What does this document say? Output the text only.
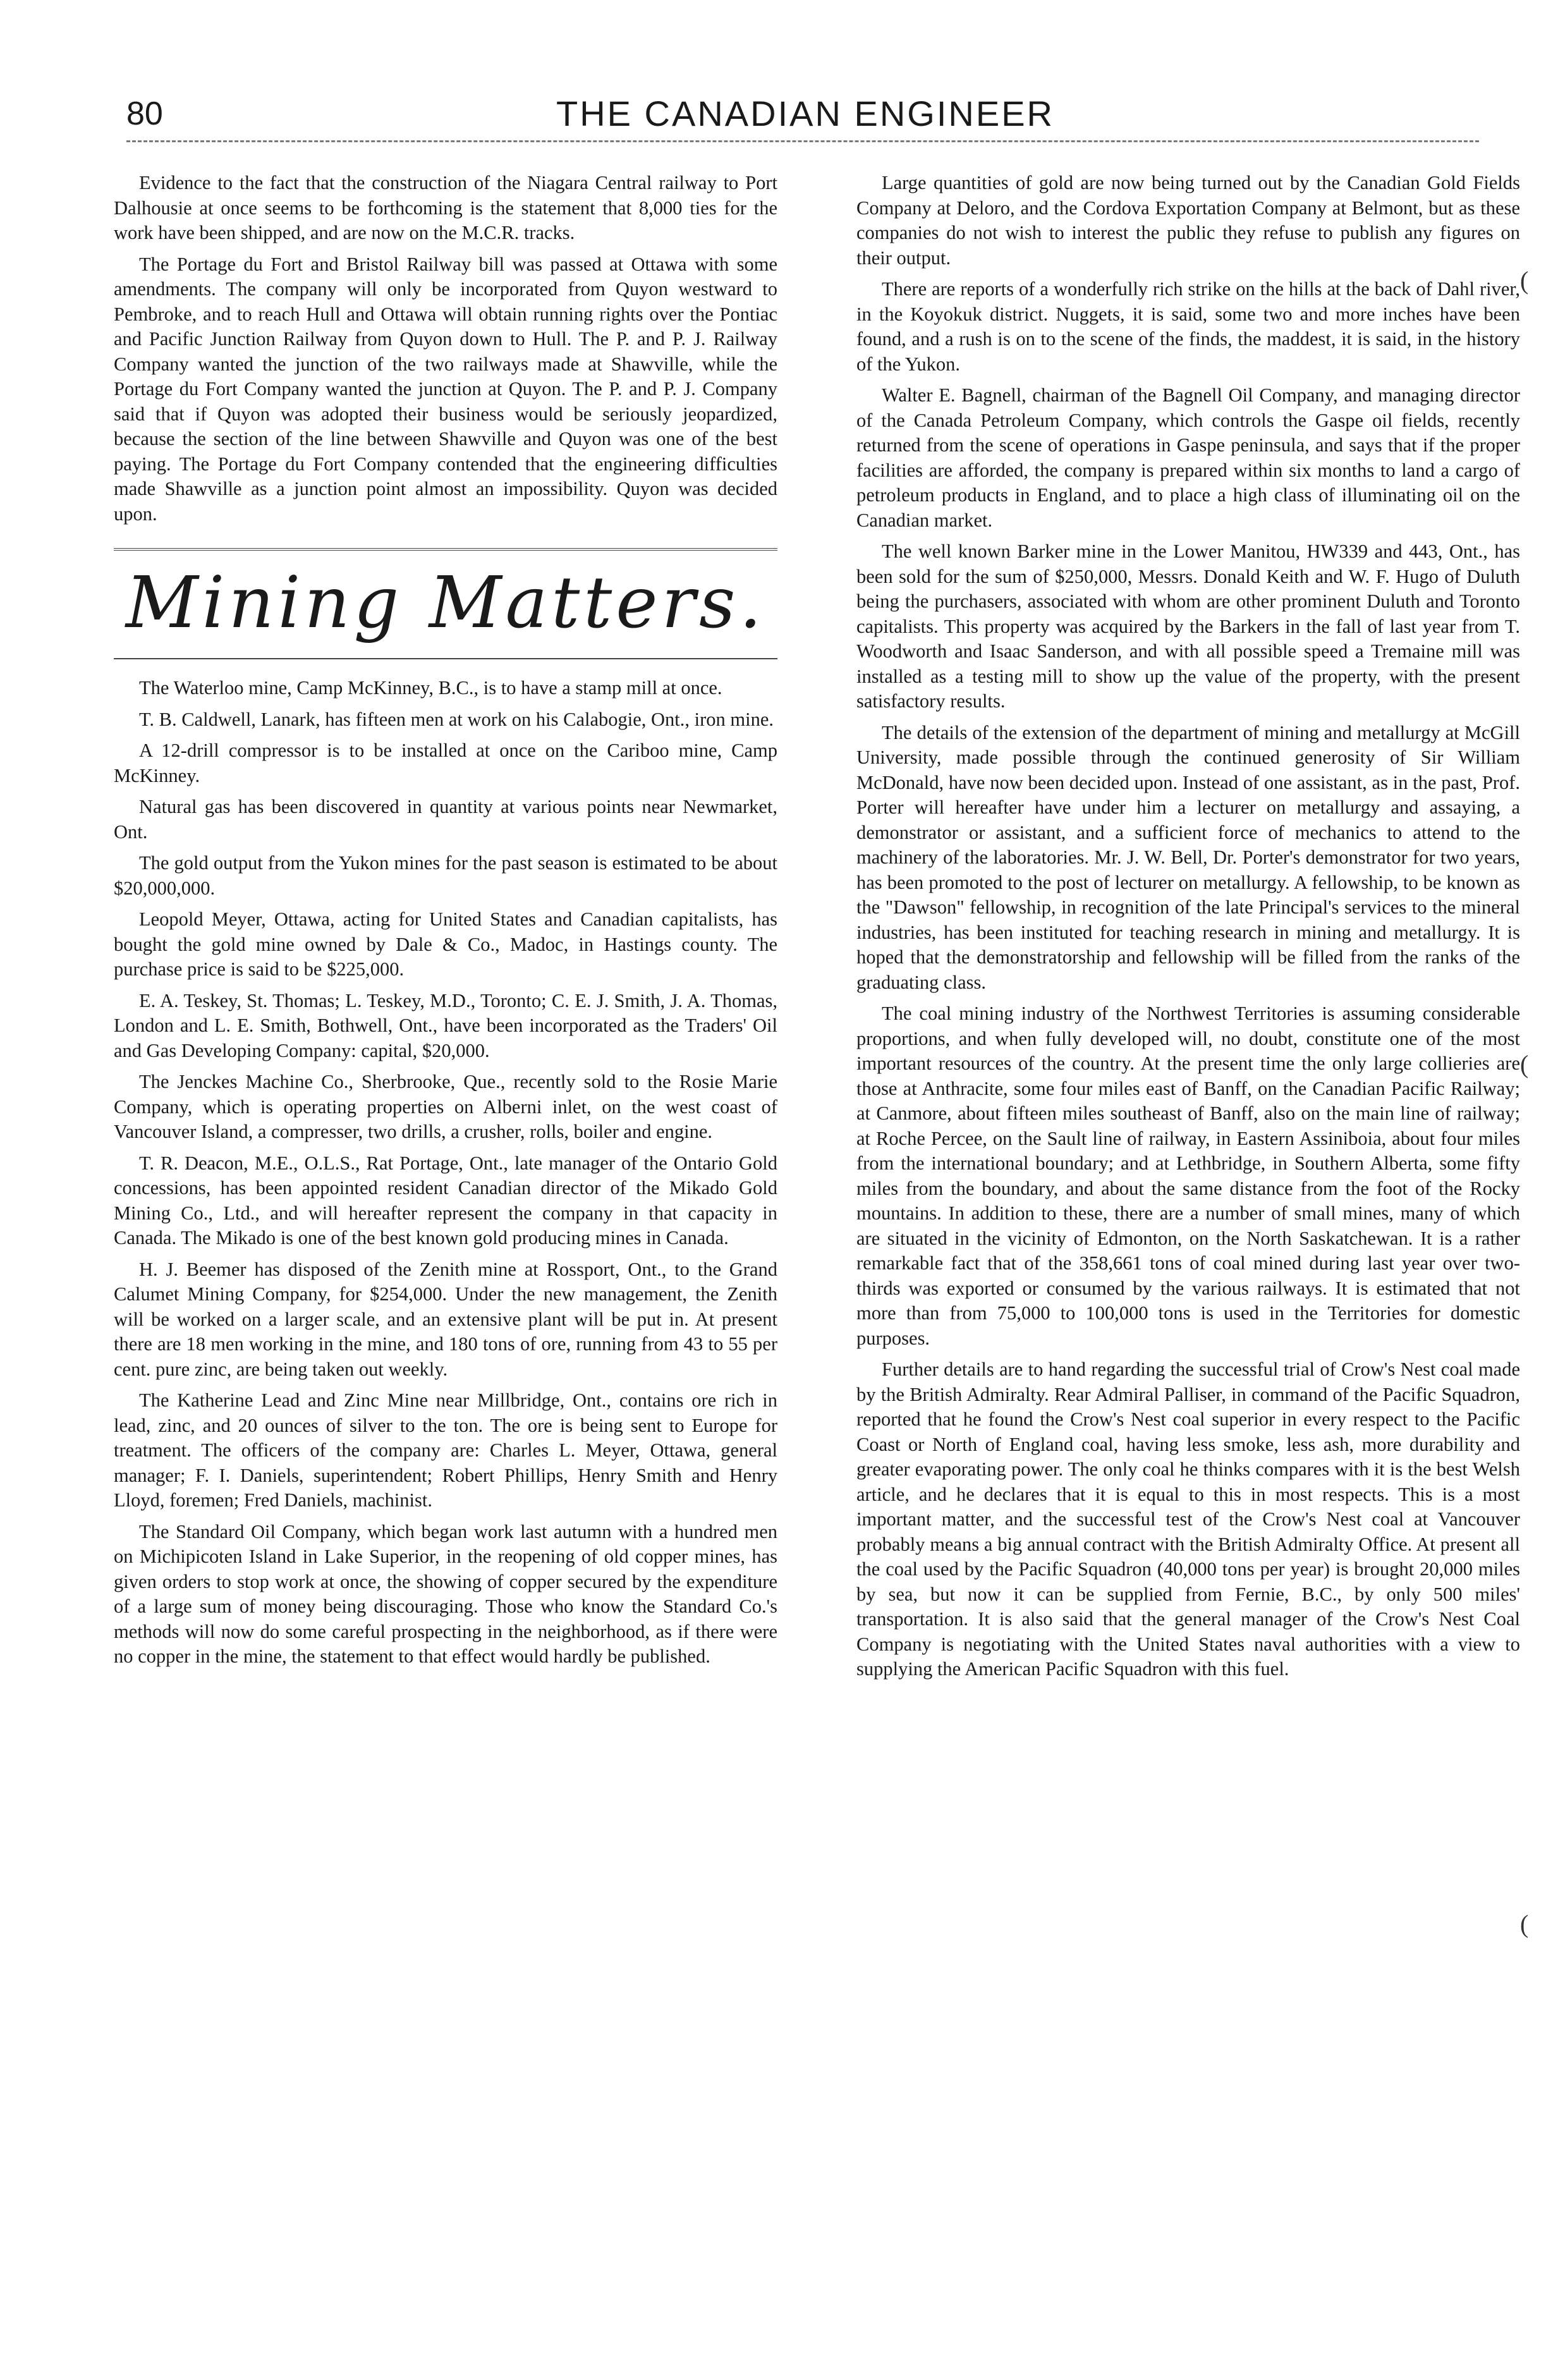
80	THE CANADIAN ENGINEER

Evidence to the fact that the construction of the Niagara Central railway to Port Dalhousie at once seems to be forthcoming is the statement that 8,000 ties for the work have been shipped, and are now on the M.C.R. tracks.

The Portage du Fort and Bristol Railway bill was passed at Ottawa with some amendments. The company will only be incorporated from Quyon westward to Pembroke, and to reach Hull and Ottawa will obtain running rights over the Pontiac and Pacific Junction Railway from Quyon down to Hull. The P. and P. J. Railway Company wanted the junction of the two railways made at Shawville, while the Portage du Fort Company wanted the junction at Quyon. The P. and P. J. Company said that if Quyon was adopted their business would be seriously jeopardized, because the section of the line between Shawville and Quyon was one of the best paying. The Portage du Fort Company contended that the engineering difficulties made Shawville as a junction point almost an impossibility. Quyon was decided upon.

Mining Matters.

The Waterloo mine, Camp McKinney, B.C., is to have a stamp mill at once.

T. B. Caldwell, Lanark, has fifteen men at work on his Calabogie, Ont., iron mine.

A 12-drill compressor is to be installed at once on the Cariboo mine, Camp McKinney.

Natural gas has been discovered in quantity at various points near Newmarket, Ont.

The gold output from the Yukon mines for the past season is estimated to be about $20,000,000.

Leopold Meyer, Ottawa, acting for United States and Canadian capitalists, has bought the gold mine owned by Dale & Co., Madoc, in Hastings county. The purchase price is said to be $225,000.

E. A. Teskey, St. Thomas; L. Teskey, M.D., Toronto; C. E. J. Smith, J. A. Thomas, London and L. E. Smith, Bothwell, Ont., have been incorporated as the Traders' Oil and Gas Developing Company: capital, $20,000.

The Jenckes Machine Co., Sherbrooke, Que., recently sold to the Rosie Marie Company, which is operating properties on Alberni inlet, on the west coast of Vancouver Island, a compresser, two drills, a crusher, rolls, boiler and engine.

T. R. Deacon, M.E., O.L.S., Rat Portage, Ont., late manager of the Ontario Gold concessions, has been appointed resident Canadian director of the Mikado Gold Mining Co., Ltd., and will hereafter represent the company in that capacity in Canada. The Mikado is one of the best known gold producing mines in Canada.

H. J. Beemer has disposed of the Zenith mine at Rossport, Ont., to the Grand Calumet Mining Company, for $254,000. Under the new management, the Zenith will be worked on a larger scale, and an extensive plant will be put in. At present there are 18 men working in the mine, and 180 tons of ore, running from 43 to 55 per cent. pure zinc, are being taken out weekly.

The Katherine Lead and Zinc Mine near Millbridge, Ont., contains ore rich in lead, zinc, and 20 ounces of silver to the ton. The ore is being sent to Europe for treatment. The officers of the company are: Charles L. Meyer, Ottawa, general manager; F. I. Daniels, superintendent; Robert Phillips, Henry Smith and Henry Lloyd, foremen; Fred Daniels, machinist.

The Standard Oil Company, which began work last autumn with a hundred men on Michipicoten Island in Lake Superior, in the reopening of old copper mines, has given orders to stop work at once, the showing of copper secured by the expenditure of a large sum of money being discouraging. Those who know the Standard Co.'s methods will now do some careful prospecting in the neighborhood, as if there were no copper in the mine, the statement to that effect would hardly be published.

Large quantities of gold are now being turned out by the Canadian Gold Fields Company at Deloro, and the Cordova Exportation Company at Belmont, but as these companies do not wish to interest the public they refuse to publish any figures on their output.

There are reports of a wonderfully rich strike on the hills at the back of Dahl river, in the Koyokuk district. Nuggets, it is said, some two and more inches have been found, and a rush is on to the scene of the finds, the maddest, it is said, in the history of the Yukon.

Walter E. Bagnell, chairman of the Bagnell Oil Company, and managing director of the Canada Petroleum Company, which controls the Gaspe oil fields, recently returned from the scene of operations in Gaspe peninsula, and says that if the proper facilities are afforded, the company is prepared within six months to land a cargo of petroleum products in England, and to place a high class of illuminating oil on the Canadian market.

The well known Barker mine in the Lower Manitou, HW339 and 443, Ont., has been sold for the sum of $250,000, Messrs. Donald Keith and W. F. Hugo of Duluth being the purchasers, associated with whom are other prominent Duluth and Toronto capitalists. This property was acquired by the Barkers in the fall of last year from T. Woodworth and Isaac Sanderson, and with all possible speed a Tremaine mill was installed as a testing mill to show up the value of the property, with the present satisfactory results.

The details of the extension of the department of mining and metallurgy at McGill University, made possible through the continued generosity of Sir William McDonald, have now been decided upon. Instead of one assistant, as in the past, Prof. Porter will hereafter have under him a lecturer on metallurgy and assaying, a demonstrator or assistant, and a sufficient force of mechanics to attend to the machinery of the laboratories. Mr. J. W. Bell, Dr. Porter's demonstrator for two years, has been promoted to the post of lecturer on metallurgy. A fellowship, to be known as the "Dawson" fellowship, in recognition of the late Principal's services to the mineral industries, has been instituted for teaching research in mining and metallurgy. It is hoped that the demonstratorship and fellowship will be filled from the ranks of the graduating class.

The coal mining industry of the Northwest Territories is assuming considerable proportions, and when fully developed will, no doubt, constitute one of the most important resources of the country. At the present time the only large collieries are those at Anthracite, some four miles east of Banff, on the Canadian Pacific Railway; at Canmore, about fifteen miles southeast of Banff, also on the main line of railway; at Roche Percee, on the Sault line of railway, in Eastern Assiniboia, about four miles from the international boundary; and at Lethbridge, in Southern Alberta, some fifty miles from the boundary, and about the same distance from the foot of the Rocky mountains. In addition to these, there are a number of small mines, many of which are situated in the vicinity of Edmonton, on the North Saskatchewan. It is a rather remarkable fact that of the 358,661 tons of coal mined during last year over two-thirds was exported or consumed by the various railways. It is estimated that not more than from 75,000 to 100,000 tons is used in the Territories for domestic purposes.

Further details are to hand regarding the successful trial of Crow's Nest coal made by the British Admiralty. Rear Admiral Palliser, in command of the Pacific Squadron, reported that he found the Crow's Nest coal superior in every respect to the Pacific Coast or North of England coal, having less smoke, less ash, more durability and greater evaporating power. The only coal he thinks compares with it is the best Welsh article, and he declares that it is equal to this in most respects. This is a most important matter, and the successful test of the Crow's Nest coal at Vancouver probably means a big annual contract with the British Admiralty Office. At present all the coal used by the Pacific Squadron (40,000 tons per year) is brought 20,000 miles by sea, but now it can be supplied from Fernie, B.C., by only 500 miles' transportation. It is also said that the general manager of the Crow's Nest Coal Company is negotiating with the United States naval authorities with a view to supplying the American Pacific Squadron with this fuel.

(
(
(
